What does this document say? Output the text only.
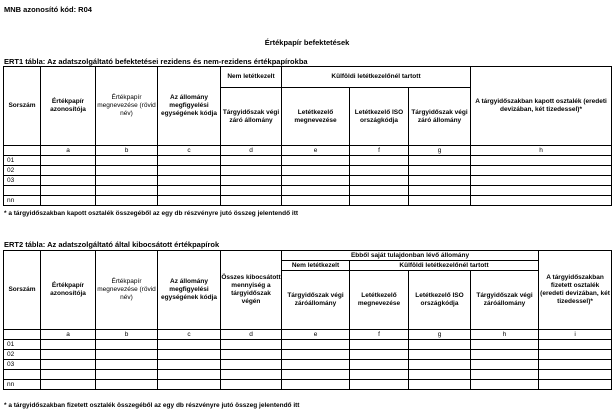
MNB azonosító kód: R04
Értékpapír befektetések
ERT1 tábla: Az adatszolgáltató befektetései rezidens és nem-rezidens értékpapírokba
Sorszám	Értékpapír azonosítója	Értékpapír megnevezése (rövid név)	Az állomány megfigyelési egységének kódja	Nem letétkezelt	Külföldi letétkezelőnél tartott			A tárgyidőszakban kapott osztalék (eredeti devizában, két tizedessel)*
				Tárgyidőszak végi záró állomány	Letétkezelő megnevezése	Letétkezelő ISO országkódja	Tárgyidőszak végi záró állomány	
	a	b	c	d	e	f	g	h
01								
02								
03								

nn								
* a tárgyidőszakban kapott osztalék összegéből az egy db részvényre jutó összeg jelentendő itt
ERT2 tábla: Az adatszolgáltató által kibocsátott értékpapírok
Sorszám	Értékpapír azonosítója	Értékpapír megnevezése (rövid név)	Az állomány megfigyelési egységének kódja	Összes kibocsátott mennyiség a tárgyidőszak végén	Ebből saját tulajdonban lévő állomány				A tárgyidőszakban fizetett osztalék (eredeti devizában, két tizedessel)*
					Nem letétkezelt	Külföldi letétkezelőnél tartott			
					Tárgyidőszak végi záróállomány	Letétkezelő megnevezése	Letétkezelő ISO országkódja	Tárgyidőszak végi záróállomány	
	a	b	c	d	e	f	g	h	i
01									
02									
03									

nn									
* a tárgyidőszakban fizetett osztalék összegéből az egy db részvényre jutó összeg jelentendő itt
